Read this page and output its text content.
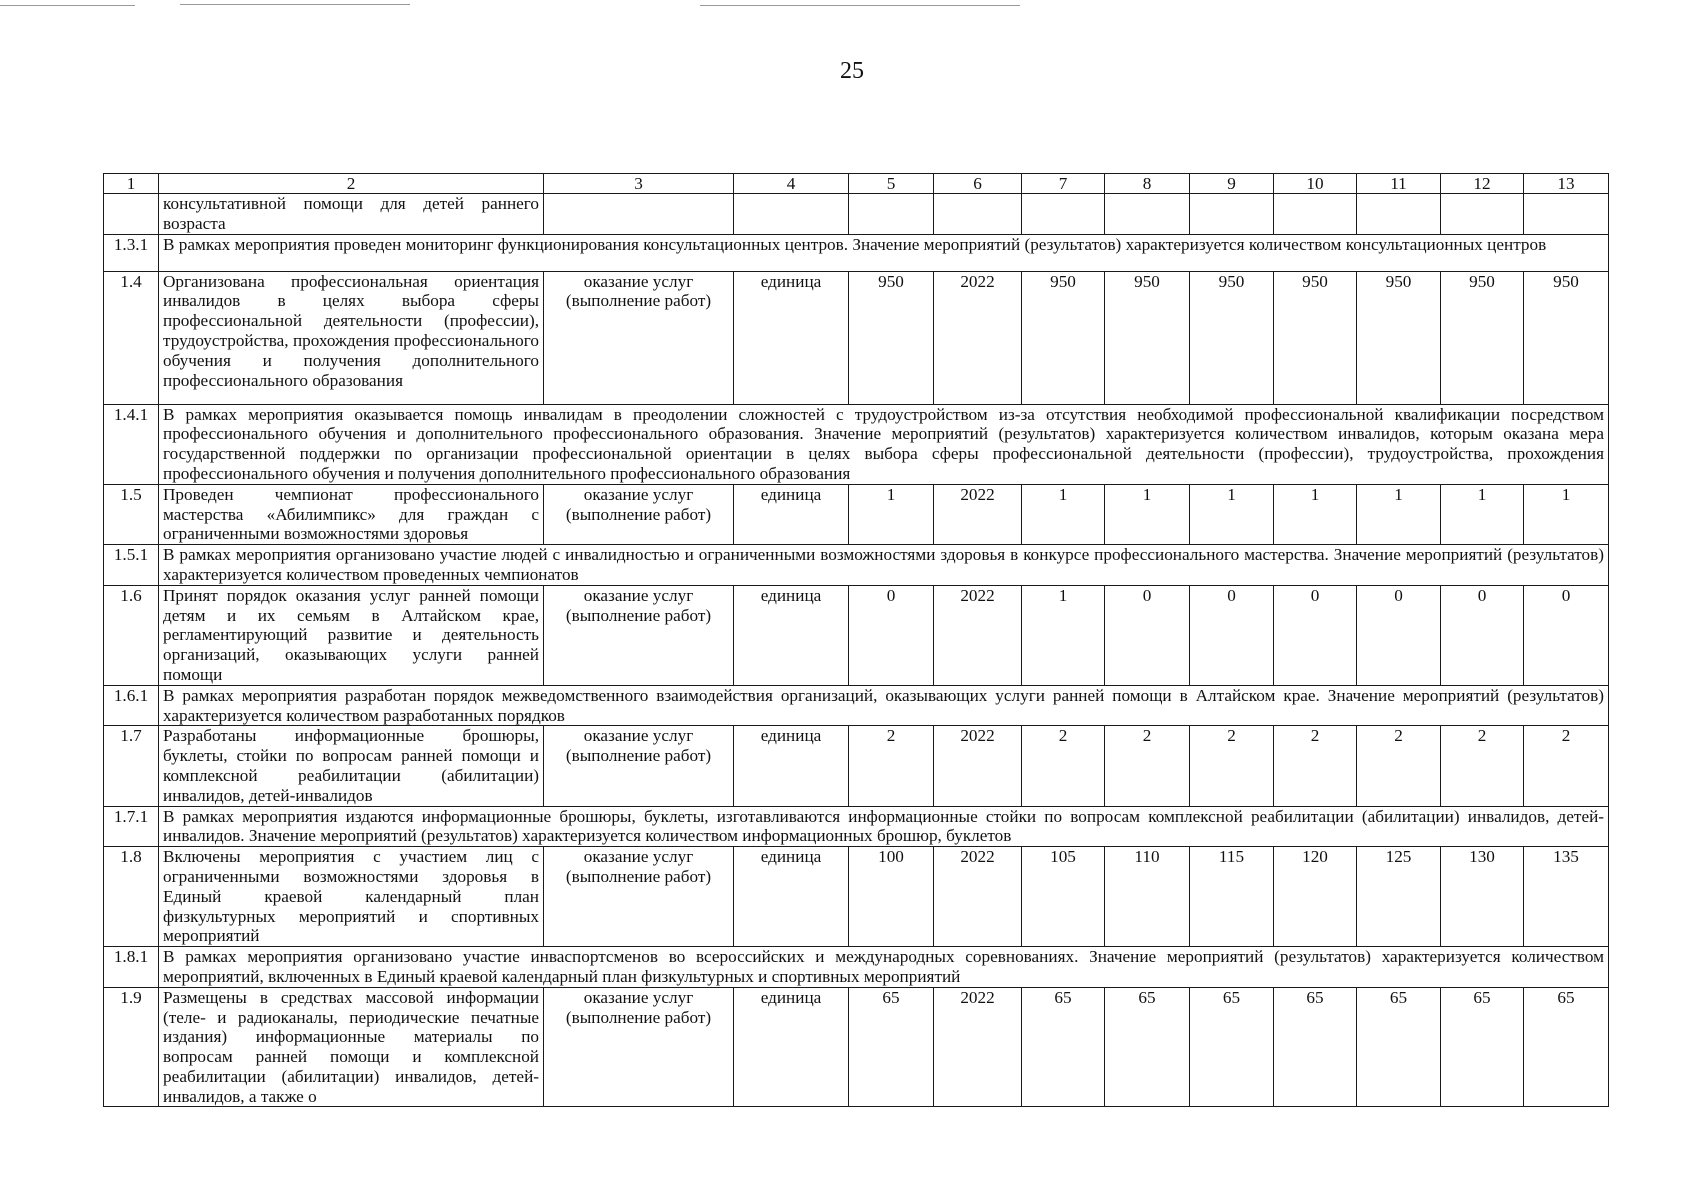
25
1	2	3	4	5	6	7	8	9	10	11	12	13
	консультативной помощи для детей раннего возраста											
1.3.1	В рамках мероприятия проведен мониторинг функционирования консультационных центров. Значение мероприятий (результатов) характеризуется количеством консультационных центров											
1.4	Организована профессиональная ориентация инвалидов в целях выбора сферы профессиональной деятельности (профессии), трудоустройства, прохождения профессионального обучения и получения дополнительного профессионального образования	оказание услуг (выполнение работ)	единица	950	2022	950	950	950	950	950	950	950
1.4.1	В рамках мероприятия оказывается помощь инвалидам в преодолении сложностей с трудоустройством из-за отсутствия необходимой профессиональной квалификации посредством профессионального обучения и дополнительного профессионального образования. Значение мероприятий (результатов) характеризуется количеством инвалидов, которым оказана мера государственной поддержки по организации профессиональной ориентации в целях выбора сферы профессиональной деятельности (профессии), трудоустройства, прохождения профессионального обучения и получения дополнительного профессионального образования											
1.5	Проведен чемпионат профессионального мастерства «Абилимпикс» для граждан с ограниченными возможностями здоровья	оказание услуг (выполнение работ)	единица	1	2022	1	1	1	1	1	1	1
1.5.1	В рамках мероприятия организовано участие людей с инвалидностью и ограниченными возможностями здоровья в конкурсе профессионального мастерства. Значение мероприятий (результатов) характеризуется количеством проведенных чемпионатов											
1.6	Принят порядок оказания услуг ранней помощи детям и их семьям в Алтайском крае, регламентирующий развитие и деятельность организаций, оказывающих услуги ранней помощи	оказание услуг (выполнение работ)	единица	0	2022	1	0	0	0	0	0	0
1.6.1	В рамках мероприятия разработан порядок межведомственного взаимодействия организаций, оказывающих услуги ранней помощи в Алтайском крае. Значение мероприятий (результатов) характеризуется количеством разработанных порядков											
1.7	Разработаны информационные брошюры, буклеты, стойки по вопросам ранней помощи и комплексной реабилитации (абилитации) инвалидов, детей-инвалидов	оказание услуг (выполнение работ)	единица	2	2022	2	2	2	2	2	2	2
1.7.1	В рамках мероприятия издаются информационные брошюры, буклеты, изготавливаются информационные стойки по вопросам комплексной реабилитации (абилитации) инвалидов, детей-инвалидов. Значение мероприятий (результатов) характеризуется количеством информационных брошюр, буклетов											
1.8	Включены мероприятия с участием лиц с ограниченными возможностями здоровья в Единый краевой календарный план физкультурных мероприятий и спортивных мероприятий	оказание услуг (выполнение работ)	единица	100	2022	105	110	115	120	125	130	135
1.8.1	В рамках мероприятия организовано участие инваспортсменов во всероссийских и международных соревнованиях. Значение мероприятий (результатов) характеризуется количеством мероприятий, включенных в Единый краевой календарный план физкультурных и спортивных мероприятий											
1.9	Размещены в средствах массовой информации (теле- и радиоканалы, периодические печатные издания) информационные материалы по вопросам ранней помощи и комплексной реабилитации (абилитации) инвалидов, детей-инвалидов, а также о	оказание услуг (выполнение работ)	единица	65	2022	65	65	65	65	65	65	65
